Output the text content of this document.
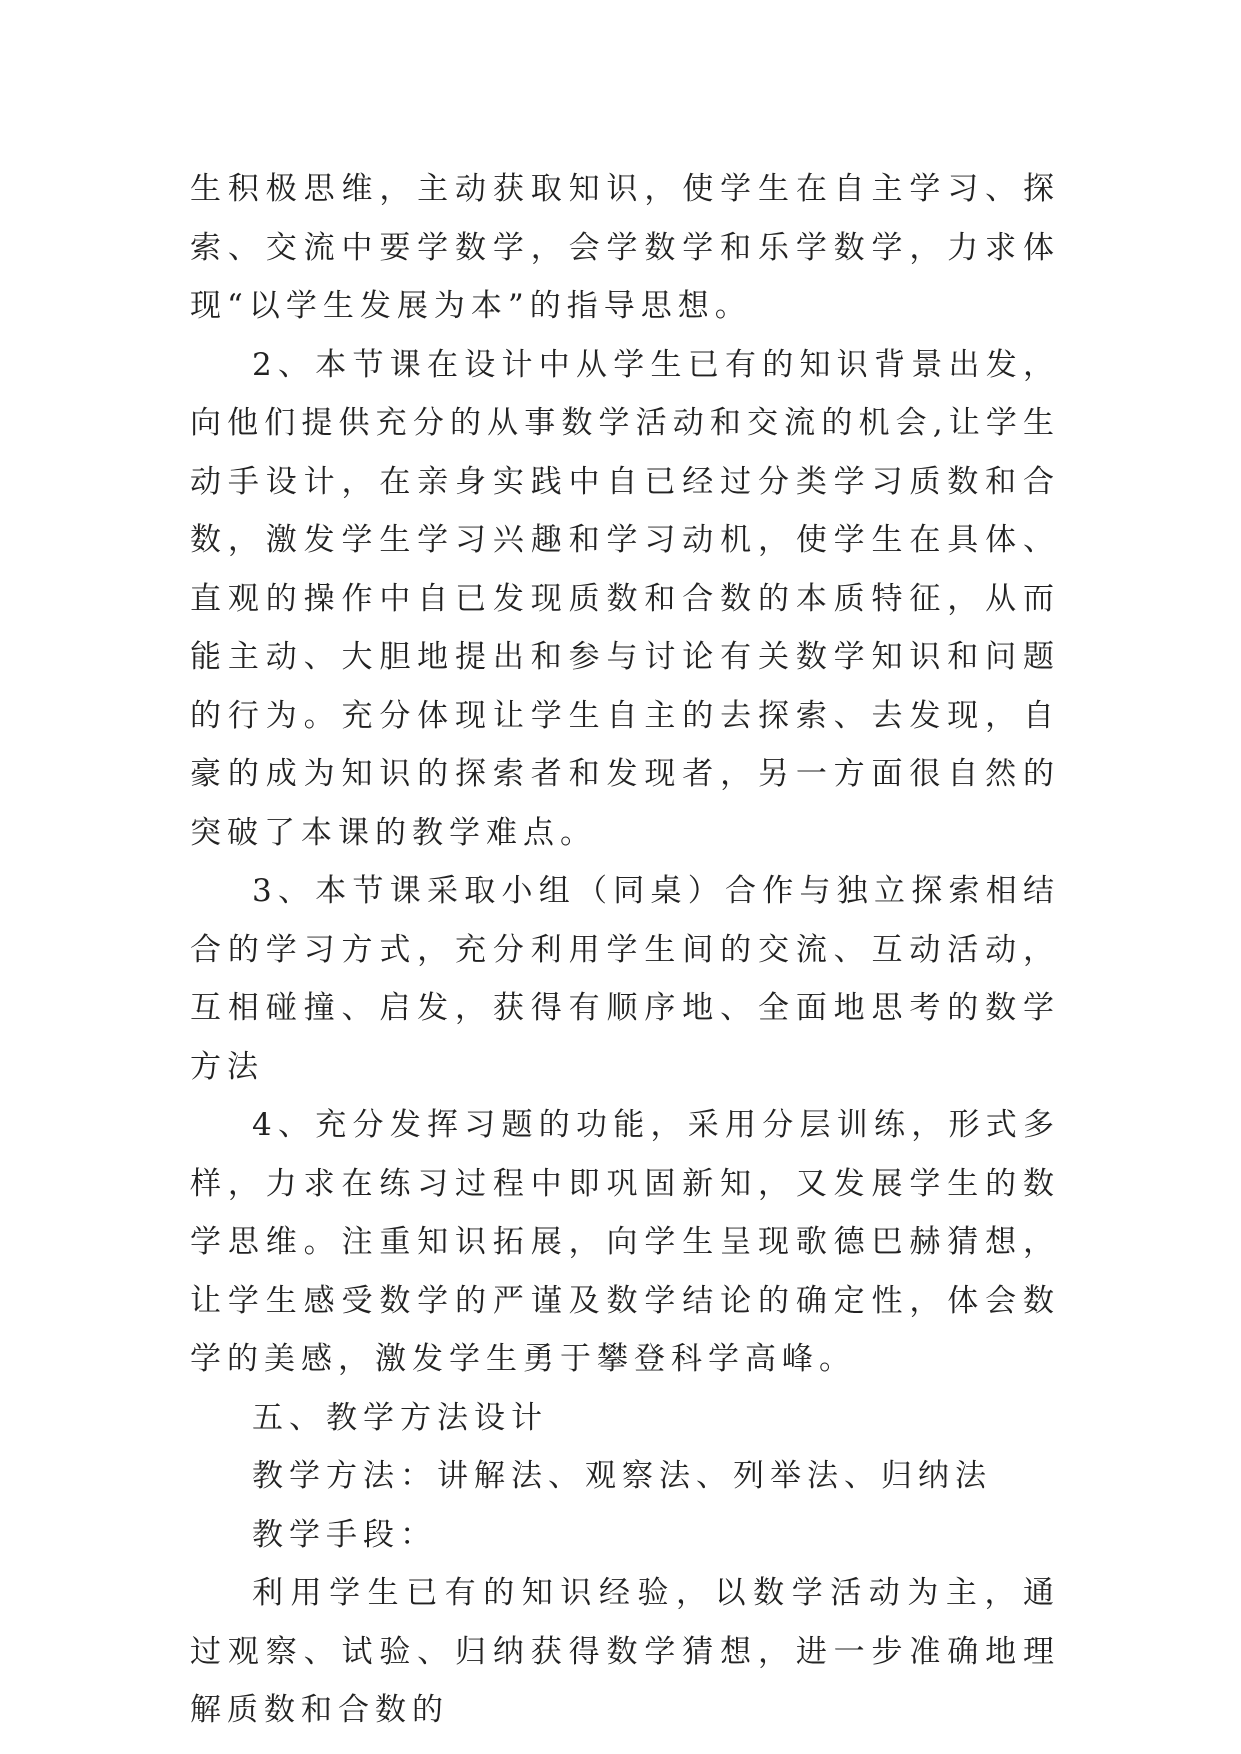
生积极思维，主动获取知识，使学生在自主学习、探索、交流中要学数学，会学数学和乐学数学，力求体现“以学生发展为本”的指导思想。

2、本节课在设计中从学生已有的知识背景出发，向他们提供充分的从事数学活动和交流的机会,让学生动手设计，在亲身实践中自已经过分类学习质数和合数，激发学生学习兴趣和学习动机，使学生在具体、直观的操作中自已发现质数和合数的本质特征，从而能主动、大胆地提出和参与讨论有关数学知识和问题的行为。充分体现让学生自主的去探索、去发现，自豪的成为知识的探索者和发现者，另一方面很自然的突破了本课的教学难点。

3、本节课采取小组（同桌）合作与独立探索相结合的学习方式，充分利用学生间的交流、互动活动，互相碰撞、启发，获得有顺序地、全面地思考的数学方法

4、充分发挥习题的功能，采用分层训练，形式多样，力求在练习过程中即巩固新知，又发展学生的数学思维。注重知识拓展，向学生呈现歌德巴赫猜想，让学生感受数学的严谨及数学结论的确定性，体会数学的美感，激发学生勇于攀登科学高峰。

五、教学方法设计

教学方法：讲解法、观察法、列举法、归纳法

教学手段：

利用学生已有的知识经验，以数学活动为主，通过观察、试验、归纳获得数学猜想，进一步准确地理解质数和合数的
